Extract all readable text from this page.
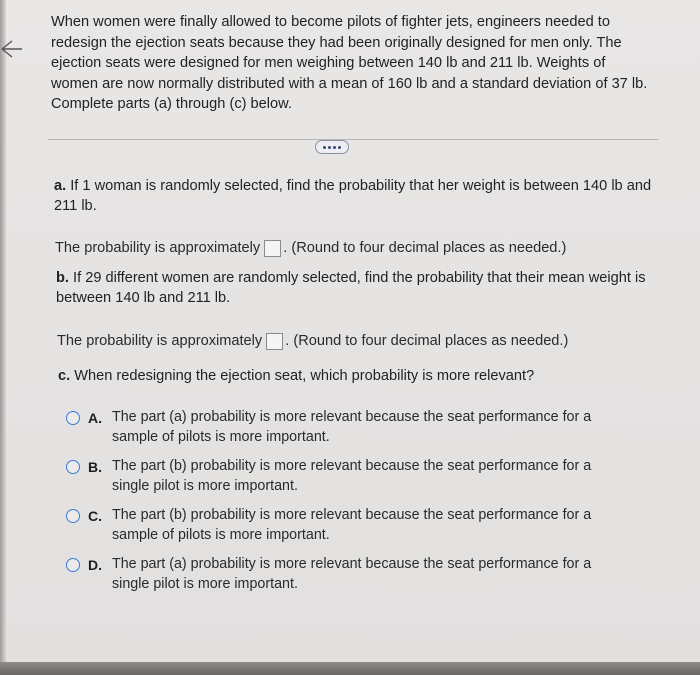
When women were finally allowed to become pilots of fighter jets, engineers needed to redesign the ejection seats because they had been originally designed for men only. The ejection seats were designed for men weighing between 140 lb and 211 lb. Weights of women are now normally distributed with a mean of 160 lb and a standard deviation of 37 lb. Complete parts (a) through (c) below.
a. If 1 woman is randomly selected, find the probability that her weight is between 140 lb and 211 lb.
The probability is approximately . (Round to four decimal places as needed.)
b. If 29 different women are randomly selected, find the probability that their mean weight is between 140 lb and 211 lb.
The probability is approximately . (Round to four decimal places as needed.)
c. When redesigning the ejection seat, which probability is more relevant?
A. The part (a) probability is more relevant because the seat performance for a sample of pilots is more important.
B. The part (b) probability is more relevant because the seat performance for a single pilot is more important.
C. The part (b) probability is more relevant because the seat performance for a sample of pilots is more important.
D. The part (a) probability is more relevant because the seat performance for a single pilot is more important.
